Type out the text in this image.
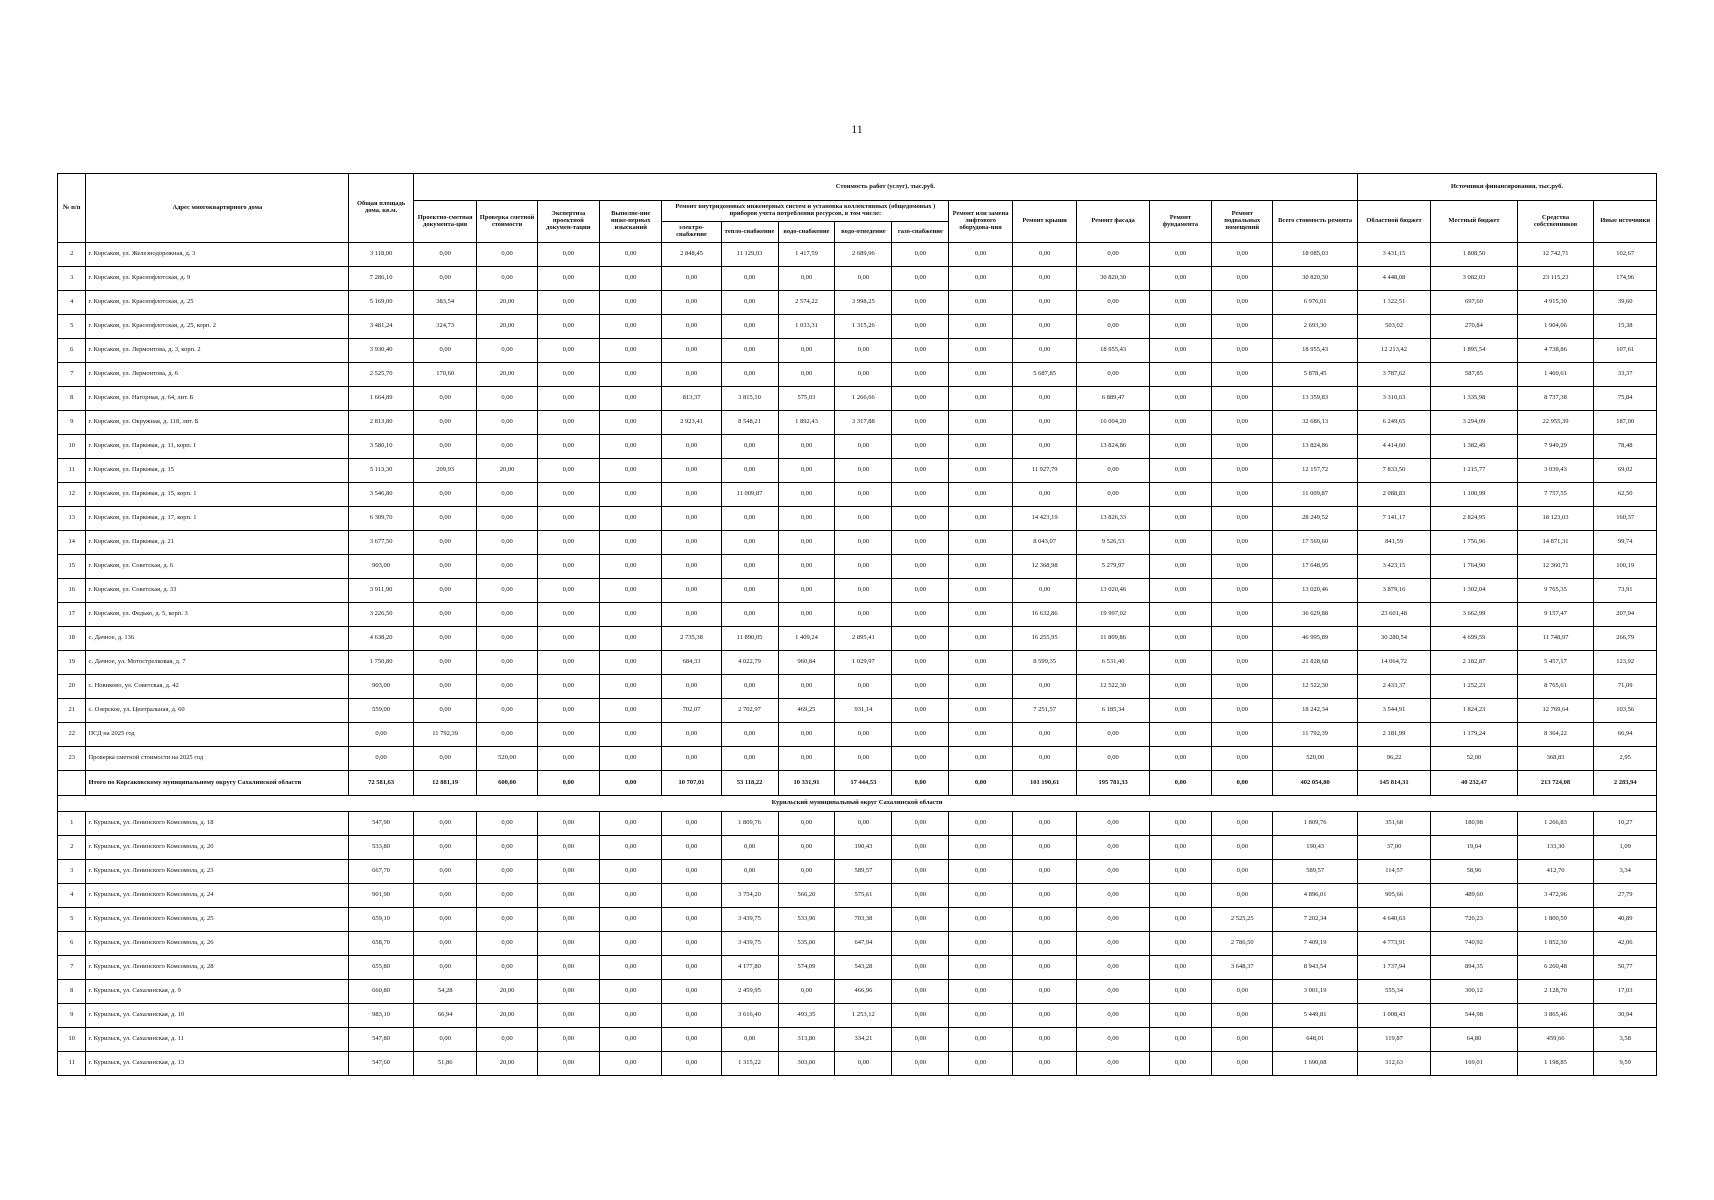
11
№ п/п	Адрес многоквартирного дома	Общая площадь дома, кв.м.	Стоимость работ (услуг), тыс.руб.															Источники финансирования, тыс.руб.			
			Проектно-сметная документа-ция	Проверка сметной стоимости	Экспертиза проектной докумен-тации	Выполне-ние инже-нерных изысканий	Ремонт внутридомовых инженерных систем и установка коллективных (общедомовых ) приборов учета потребления ресурсов, в том числе:					Ремонт или замена лифтового оборудова-ния	Ремонт крыши	Ремонт фасада	Ремонт фундамента	Ремонт подвальных помещений	Всего стоимость ремонта	Областной бюджет	Местный бюджет	Средства собственников	Иные источники
							электро-снабжение	тепло-снабжение	водо-снабжение	водо-отведение	газо-снабжение										
2	г. Корсаков, ул. Железнодорожная, д. 3	3 118,00	0,00	0,00	0,00	0,00	2 848,45	11 129,03	1 417,59	2 689,96	0,00	0,00	0,00	0,00	0,00	0,00	18 085,03	3 431,15	1 808,50	12 742,71	102,67
3	г. Корсаков, ул. Краснофлотская, д. 9	7 286,10	0,00	0,00	0,00	0,00	0,00	0,00	0,00	0,00	0,00	0,00	0,00	30 820,30	0,00	0,00	30 820,30	4 448,08	3 082,03	23 115,23	174,96
4	г. Корсаков, ул. Краснофлотская, д. 25	5 169,00	383,54	20,00	0,00	0,00	0,00	0,00	2 574,22	3 998,25	0,00	0,00	0,00	0,00	0,00	0,00	6 976,01	1 322,51	697,60	4 915,30	39,60
5	г. Корсаков, ул. Краснофлотская, д. 25, корп. 2	3 481,24	324,73	20,00	0,00	0,00	0,00	0,00	1 033,31	1 315,26	0,00	0,00	0,00	0,00	0,00	0,00	2 693,30	503,02	270,84	1 904,06	15,38
6	г. Корсаков, ул. Лермонтова, д. 3, корп. 2	3 930,40	0,00	0,00	0,00	0,00	0,00	0,00	0,00	0,00	0,00	0,00	0,00	18 955,43	0,00	0,00	18 955,43	12 213,42	1 895,54	4 738,86	107,61
7	г. Корсаков, ул. Лермонтова, д. 6	2 525,70	170,60	20,00	0,00	0,00	0,00	0,00	0,00	0,00	0,00	0,00	5 687,85	0,00	0,00	0,00	5 878,45	3 787,62	587,85	1 469,61	33,37
8	г. Корсаков, ул. Нагорная, д. 64, лит. Б	1 664,89	0,00	0,00	0,00	0,00	813,37	3 815,10	575,03	1 266,66	0,00	0,00	0,00	6 889,47	0,00	0,00	13 359,83	3 310,63	1 335,98	8 737,38	75,84
9	г. Корсаков, ул. Окружная, д. 118, лит. Б	2 813,80	0,00	0,00	0,00	0,00	2 923,41	8 548,21	1 892,43	3 317,88	0,00	0,00	0,00	16 004,20	0,00	0,00	32 686,13	6 249,65	3 294,09	22 955,39	187,00
10	г. Корсаков, ул. Парковая, д. 11, корп. 1	3 580,10	0,00	0,00	0,00	0,00	0,00	0,00	0,00	0,00	0,00	0,00	0,00	13 824,86	0,00	0,00	13 824,86	4 414,60	1 382,49	7 949,29	78,48
11	г. Корсаков, ул. Парковая, д. 15	5 113,30	209,93	20,00	0,00	0,00	0,00	0,00	0,00	0,00	0,00	0,00	11 927,79	0,00	0,00	0,00	12 157,72	7 833,50	1 215,77	3 039,43	69,02
12	г. Корсаков, ул. Парковая, д. 15, корп. 1	3 546,80	0,00	0,00	0,00	0,00	0,00	11 009,87	0,00	0,00	0,00	0,00	0,00	0,00	0,00	0,00	11 009,87	2 088,83	1 100,99	7 757,55	62,50
13	г. Корсаков, ул. Парковая, д. 17, корп. 1	6 309,70	0,00	0,00	0,00	0,00	0,00	0,00	0,00	0,00	0,00	0,00	14 423,19	13 826,33	0,00	0,00	28 249,52	7 141,17	2 824,95	18 123,03	160,37
14	г. Корсаков, ул. Парковая, д. 21	3 677,50	0,00	0,00	0,00	0,00	0,00	0,00	0,00	0,00	0,00	0,00	8 043,07	9 526,53	0,00	0,00	17 569,60	841,59	1 756,96	14 871,31	99,74
15	г. Корсаков, ул. Советская, д. 6	903,00	0,00	0,00	0,00	0,00	0,00	0,00	0,00	0,00	0,00	0,00	12 368,98	5 279,97	0,00	0,00	17 648,95	3 423,15	1 764,90	12 360,71	100,19
16	г. Корсаков, ул. Советская, д. 33	3 911,90	0,00	0,00	0,00	0,00	0,00	0,00	0,00	0,00	0,00	0,00	0,00	13 020,46	0,00	0,00	13 020,46	3 879,16	1 302,04	9 765,35	73,91
17	г. Корсаков, ул. Федько, д. 5, корп. 3	3 226,50	0,00	0,00	0,00	0,00	0,00	0,00	0,00	0,00	0,00	0,00	16 632,86	19 997,02	0,00	0,00	36 629,88	23 601,48	3 662,99	9 157,47	207,94
18	с. Дачное, д. 136	4 638,20	0,00	0,00	0,00	0,00	2 735,38	11 890,05	1 409,24	2 895,41	0,00	0,00	16 255,95	11 809,86	0,00	0,00	46 995,89	30 280,54	4 699,59	11 748,97	266,79
19	с. Дачное, ул. Мотострелковая, д. 7	1 750,80	0,00	0,00	0,00	0,00	684,33	4 022,79	960,84	1 029,97	0,00	0,00	8 599,35	6 531,40	0,00	0,00	21 828,68	14 064,72	2 182,87	5 457,17	123,92
20	с. Новиково, ул. Советская, д. 42	903,00	0,00	0,00	0,00	0,00	0,00	0,00	0,00	0,00	0,00	0,00	0,00	12 522,30	0,00	0,00	12 522,30	2 433,37	1 252,23	8 765,61	71,09
21	с. Озерское, ул. Центральная, д. 60	559,00	0,00	0,00	0,00	0,00	702,07	2 702,97	469,25	931,14	0,00	0,00	7 251,57	6 185,34	0,00	0,00	18 242,34	3 544,91	1 824,23	12 769,64	103,56
22	ПСД на 2025 год	0,00	11 792,39	0,00	0,00	0,00	0,00	0,00	0,00	0,00	0,00	0,00	0,00	0,00	0,00	0,00	11 792,39	2 181,99	1 179,24	8 364,22	66,94
23	Проверка сметной стоимости на 2025 год	0,00	0,00	520,00	0,00	0,00	0,00	0,00	0,00	0,00	0,00	0,00	0,00	0,00	0,00	0,00	520,00	96,22	52,00	368,83	2,95
	Итого по Корсаковскому муниципальному округу Сахалинской области	72 581,63	12 881,19	600,00	0,00	0,00	10 707,01	53 118,22	10 331,91	17 444,53	0,00	0,00	101 190,61	195 781,33	0,00	0,00	402 054,80	145 814,31	40 232,47	213 724,08	2 283,94
Курильский муниципальный округ Сахалинской области																					
1	г. Курильск, ул. Ленинского Комсомола, д. 18	547,90	0,00	0,00	0,00	0,00	0,00	1 809,76	0,00	0,00	0,00	0,00	0,00	0,00	0,00	0,00	1 809,76	351,68	180,98	1 266,83	10,27
2	г. Курильск, ул. Ленинского Комсомола, д. 20	533,80	0,00	0,00	0,00	0,00	0,00	0,00	0,00	190,43	0,00	0,00	0,00	0,00	0,00	0,00	190,43	37,00	19,04	133,30	1,09
3	г. Курильск, ул. Ленинского Комсомола, д. 23	667,70	0,00	0,00	0,00	0,00	0,00	0,00	0,00	589,57	0,00	0,00	0,00	0,00	0,00	0,00	589,57	114,57	58,96	412,70	3,34
4	г. Курильск, ул. Ленинского Комсомола, д. 24	901,90	0,00	0,00	0,00	0,00	0,00	3 754,20	566,20	575,61	0,00	0,00	0,00	0,00	0,00	0,00	4 896,01	905,66	489,60	3 472,96	27,79
5	г. Курильск, ул. Ленинского Комсомола, д. 25	659,10	0,00	0,00	0,00	0,00	0,00	3 439,75	533,96	703,38	0,00	0,00	0,00	0,00	0,00	2 525,25	7 202,34	4 640,63	720,23	1 800,59	40,89
6	г. Курильск, ул. Ленинского Комсомола, д. 26	658,70	0,00	0,00	0,00	0,00	0,00	3 439,75	535,00	647,94	0,00	0,00	0,00	0,00	0,00	2 786,50	7 409,19	4 773,91	740,92	1 852,30	42,06
7	г. Курильск, ул. Ленинского Комсомола, д. 28	655,80	0,00	0,00	0,00	0,00	0,00	4 177,80	574,09	543,28	0,00	0,00	0,00	0,00	0,00	3 648,37	8 943,54	1 737,94	894,35	6 260,48	50,77
8	г. Курильск, ул. Сахалинская, д. 9	660,80	54,28	20,00	0,00	0,00	0,00	2 459,95	0,00	466,96	0,00	0,00	0,00	0,00	0,00	0,00	3 001,19	555,34	300,12	2 128,70	17,03
9	г. Курильск, ул. Сахалинская, д. 10	983,10	66,94	20,00	0,00	0,00	0,00	3 616,40	493,35	1 253,12	0,00	0,00	0,00	0,00	0,00	0,00	5 449,81	1 008,43	544,98	3 865,46	30,94
10	г. Курильск, ул. Сахалинская, д. 11	547,80	0,00	0,00	0,00	0,00	0,00	0,00	313,80	334,21	0,00	0,00	0,00	0,00	0,00	0,00	648,01	119,87	64,80	459,66	3,58
11	г. Курильск, ул. Сахалинская, д. 13	547,60	51,86	20,00	0,00	0,00	0,00	1 315,22	303,00	0,00	0,00	0,00	0,00	0,00	0,00	0,00	1 690,08	312,63	169,01	1 198,85	9,59
